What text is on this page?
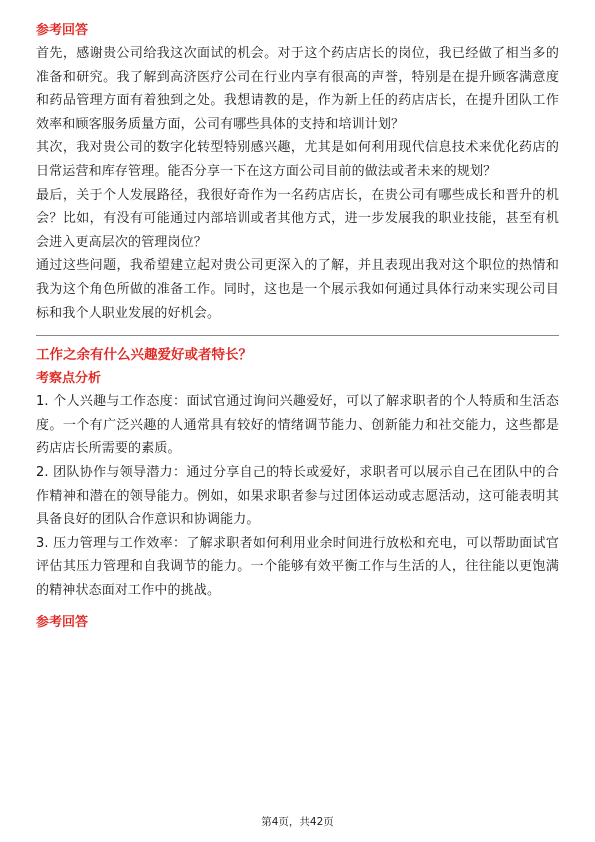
参考回答

首先，感谢贵公司给我这次面试的机会。对于这个药店店长的岗位，我已经做了相当多的准备和研究。我了解到高济医疗公司在行业内享有很高的声誉，特别是在提升顾客满意度和药品管理方面有着独到之处。我想请教的是，作为新上任的药店店长，在提升团队工作效率和顾客服务质量方面，公司有哪些具体的支持和培训计划？

其次，我对贵公司的数字化转型特别感兴趣，尤其是如何利用现代信息技术来优化药店的日常运营和库存管理。能否分享一下在这方面公司目前的做法或者未来的规划？

最后，关于个人发展路径，我很好奇作为一名药店店长，在贵公司有哪些成长和晋升的机会？比如，有没有可能通过内部培训或者其他方式，进一步发展我的职业技能，甚至有机会进入更高层次的管理岗位？

通过这些问题，我希望建立起对贵公司更深入的了解，并且表现出我对这个职位的热情和我为这个角色所做的准备工作。同时，这也是一个展示我如何通过具体行动来实现公司目标和我个人职业发展的好机会。

工作之余有什么兴趣爱好或者特长？

考察点分析

1. 个人兴趣与工作态度：面试官通过询问兴趣爱好，可以了解求职者的个人特质和生活态度。一个有广泛兴趣的人通常具有较好的情绪调节能力、创新能力和社交能力，这些都是药店店长所需要的素质。

2. 团队协作与领导潜力：通过分享自己的特长或爱好，求职者可以展示自己在团队中的合作精神和潜在的领导能力。例如，如果求职者参与过团体运动或志愿活动，这可能表明其具备良好的团队合作意识和协调能力。

3. 压力管理与工作效率：了解求职者如何利用业余时间进行放松和充电，可以帮助面试官评估其压力管理和自我调节的能力。一个能够有效平衡工作与生活的人，往往能以更饱满的精神状态面对工作中的挑战。

参考回答

第4页，共42页
